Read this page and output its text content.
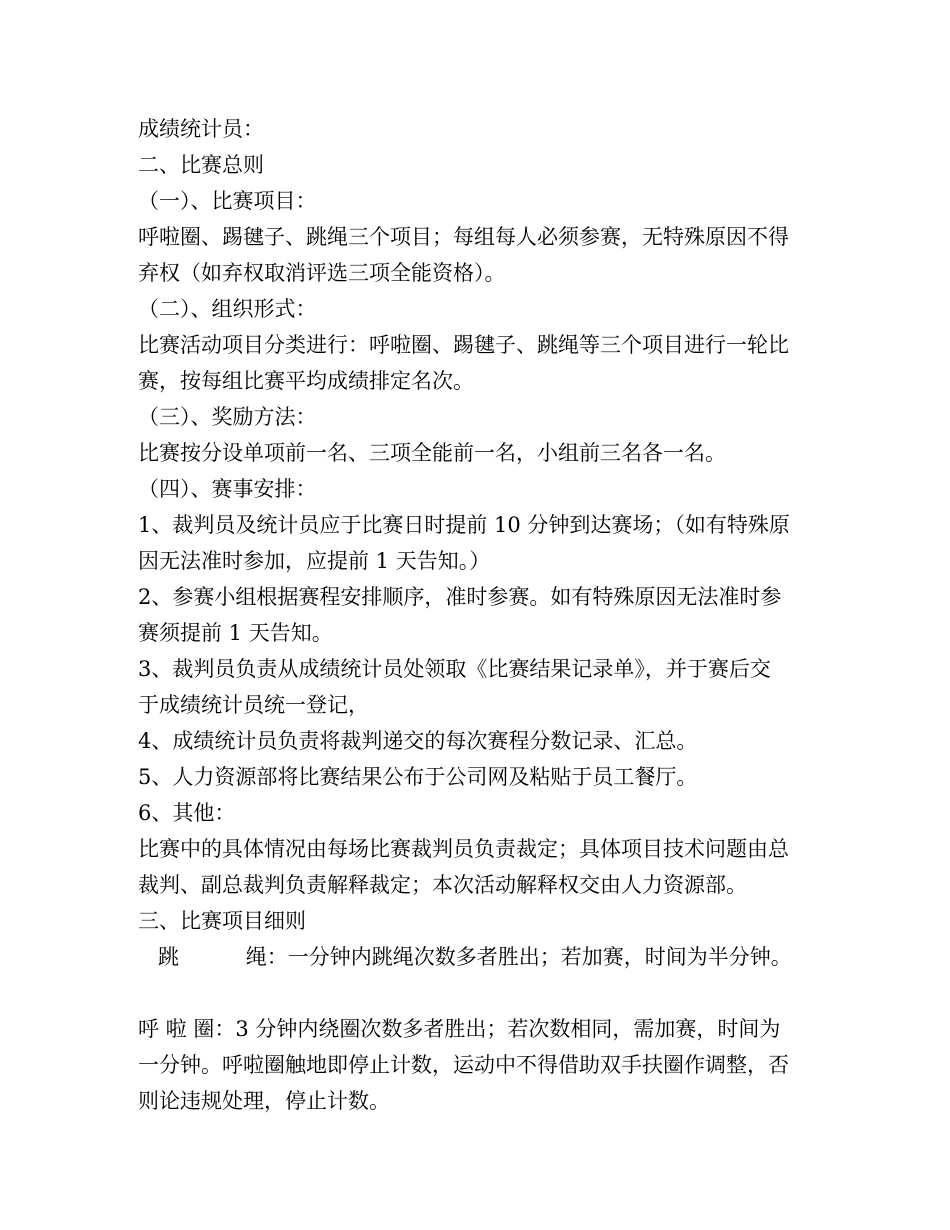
成绩统计员：
二、比赛总则
（一）、比赛项目：
呼啦圈、踢毽子、跳绳三个项目；每组每人必须参赛，无特殊原因不得
弃权（如弃权取消评选三项全能资格）。
（二）、组织形式：
比赛活动项目分类进行：呼啦圈、踢毽子、跳绳等三个项目进行一轮比
赛，按每组比赛平均成绩排定名次。
（三）、奖励方法：
比赛按分设单项前一名、三项全能前一名，小组前三名各一名。
（四）、赛事安排：
1、裁判员及统计员应于比赛日时提前 10 分钟到达赛场；（如有特殊原
因无法准时参加，应提前 1 天告知。）
2、参赛小组根据赛程安排顺序，准时参赛。如有特殊原因无法准时参
赛须提前 1 天告知。
3、裁判员负责从成绩统计员处领取《比赛结果记录单》，并于赛后交
于成绩统计员统一登记，
4、成绩统计员负责将裁判递交的每次赛程分数记录、汇总。
5、人力资源部将比赛结果公布于公司网及粘贴于员工餐厅。
6、其他：
比赛中的具体情况由每场比赛裁判员负责裁定；具体项目技术问题由总
裁判、副总裁判负责解释裁定；本次活动解释权交由人力资源部。
三、比赛项目细则
跳          绳：一分钟内跳绳次数多者胜出；若加赛，时间为半分钟。
呼 啦 圈：3 分钟内绕圈次数多者胜出；若次数相同，需加赛，时间为
一分钟。呼啦圈触地即停止计数，运动中不得借助双手扶圈作调整，否
则论违规处理，停止计数。
